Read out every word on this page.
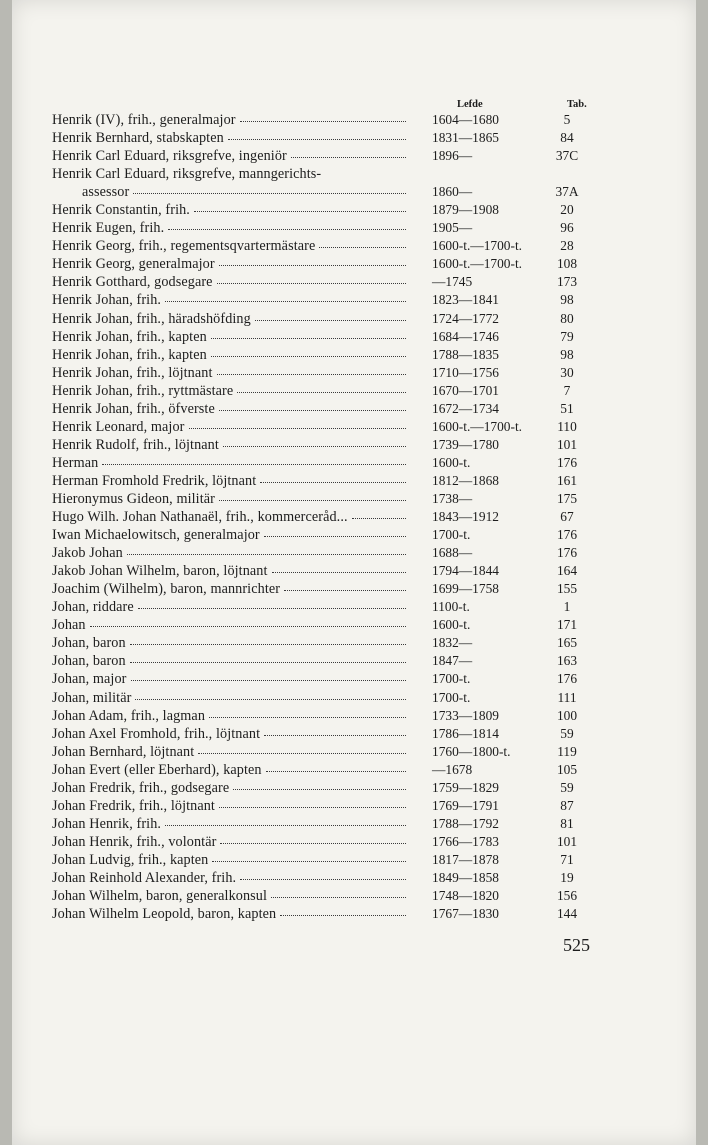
Lefde	Tab.
Henrik (IV), frih., generalmajor	1604—1680	5
Henrik Bernhard, stabskapten	1831—1865	84
Henrik Carl Eduard, riksgrefve, ingeniör	1896—	37C
Henrik Carl Eduard, riksgrefve, manngerichts-
assessor	1860—	37A
Henrik Constantin, frih.	1879—1908	20
Henrik Eugen, frih.	1905—	96
Henrik Georg, frih., regementsqvartermästare	1600-t.—1700-t.	28
Henrik Georg, generalmajor	1600-t.—1700-t.	108
Henrik Gotthard, godsegare	—1745	173
Henrik Johan, frih.	1823—1841	98
Henrik Johan, frih., häradshöfding	1724—1772	80
Henrik Johan, frih., kapten	1684—1746	79
Henrik Johan, frih., kapten	1788—1835	98
Henrik Johan, frih., löjtnant	1710—1756	30
Henrik Johan, frih., ryttmästare	1670—1701	7
Henrik Johan, frih., öfverste	1672—1734	51
Henrik Leonard, major	1600-t.—1700-t.	110
Henrik Rudolf, frih., löjtnant	1739—1780	101
Herman	1600-t.	176
Herman Fromhold Fredrik, löjtnant	1812—1868	161
Hieronymus Gideon, militär	1738—	175
Hugo Wilh. Johan Nathanaël, frih., kommerceråd...	1843—1912	67
Iwan Michaelowitsch, generalmajor	1700-t.	176
Jakob Johan	1688—	176
Jakob Johan Wilhelm, baron, löjtnant	1794—1844	164
Joachim (Wilhelm), baron, mannrichter	1699—1758	155
Johan, riddare	1100-t.	1
Johan	1600-t.	171
Johan, baron	1832—	165
Johan, baron	1847—	163
Johan, major	1700-t.	176
Johan, militär	1700-t.	111
Johan Adam, frih., lagman	1733—1809	100
Johan Axel Fromhold, frih., löjtnant	1786—1814	59
Johan Bernhard, löjtnant	1760—1800-t.	119
Johan Evert (eller Eberhard), kapten	—1678	105
Johan Fredrik, frih., godsegare	1759—1829	59
Johan Fredrik, frih., löjtnant	1769—1791	87
Johan Henrik, frih.	1788—1792	81
Johan Henrik, frih., volontär	1766—1783	101
Johan Ludvig, frih., kapten	1817—1878	71
Johan Reinhold Alexander, frih.	1849—1858	19
Johan Wilhelm, baron, generalkonsul	1748—1820	156
Johan Wilhelm Leopold, baron, kapten	1767—1830	144
525
